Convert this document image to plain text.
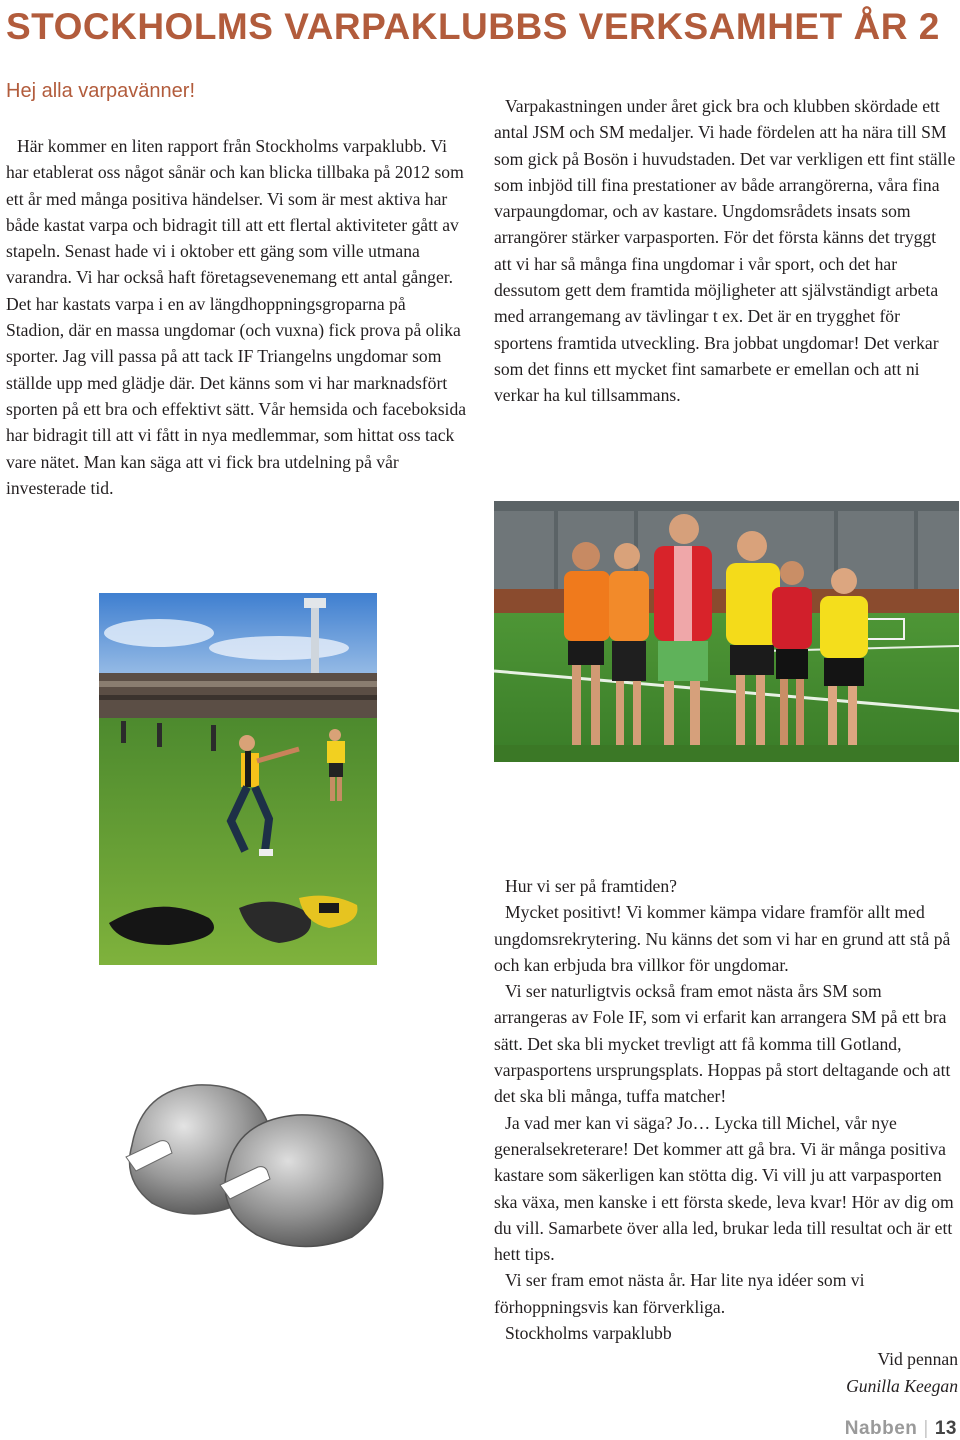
STOCKHOLMS VARPAKLUBBS VERKSAMHET ÅR 2

Hej alla varpavänner!

Här kommer en liten rapport från Stockholms varpaklubb. Vi har etablerat oss något sånär och kan blicka tillbaka på 2012 som ett år med många positiva händelser. Vi som är mest aktiva har både kastat varpa och bidragit till att ett flertal aktiviteter gått av stapeln. Senast hade vi i oktober ett gäng som ville utmana varandra. Vi har också haft företagsevenemang ett antal gånger. Det har kastats varpa i en av längdhoppningsgroparna på Stadion, där en massa ungdomar (och vuxna) fick prova på olika sporter. Jag vill passa på att tack IF Triangelns ungdomar som ställde upp med glädje där. Det känns som vi har marknadsfört sporten på ett bra och effektivt sätt. Vår hemsida och faceboksida har bidragit till att vi fått in nya medlemmar, som hittat oss tack vare nätet. Man kan säga att vi fick bra utdelning på vår investerade tid.

Varpakastningen under året gick bra och klubben skördade ett antal JSM och SM medaljer. Vi hade fördelen att ha nära till SM som gick på Bosön i huvudstaden. Det var verkligen ett fint ställe som inbjöd till fina prestationer av både arrangörerna, våra fina varpaungdomar, och av kastare. Ungdomsrådets insats som arrangörer stärker varpasporten. För det första känns det tryggt att vi har så många fina ungdomar i vår sport, och det har dessutom gett dem framtida möjligheter att självständigt arbeta med arrangemang av tävlingar t ex. Det är en trygghet för sportens framtida utveckling. Bra jobbat ungdomar! Det verkar som det finns ett mycket fint samarbete er emellan och att ni verkar ha kul tillsammans.

Hur vi ser på framtiden?

Mycket positivt! Vi kommer kämpa vidare framför allt med ungdomsrekrytering. Nu känns det som vi har en grund att stå på och kan erbjuda bra villkor för ungdomar.

Vi ser naturligtvis också fram emot nästa års SM som arrangeras av Fole IF, som vi erfarit kan arrangera SM på ett bra sätt. Det ska bli mycket trevligt att få komma till Gotland, varpasportens ursprungsplats. Hoppas på stort deltagande och att det ska bli många, tuffa matcher!

Ja vad mer kan vi säga? Jo… Lycka till Michel, vår nye generalsekreterare! Det kommer att gå bra. Vi är många positiva kastare som säkerligen kan stötta dig. Vi vill ju att varpasporten ska växa, men kanske i ett första skede, leva kvar! Hör av dig om du vill. Samarbete över alla led, brukar leda till resultat och är ett hett tips.

Vi ser fram emot nästa år. Har lite nya idéer som vi förhoppningsvis kan förverkliga.

Stockholms varpaklubb

Vid pennan

Gunilla Keegan

Nabben | 13
